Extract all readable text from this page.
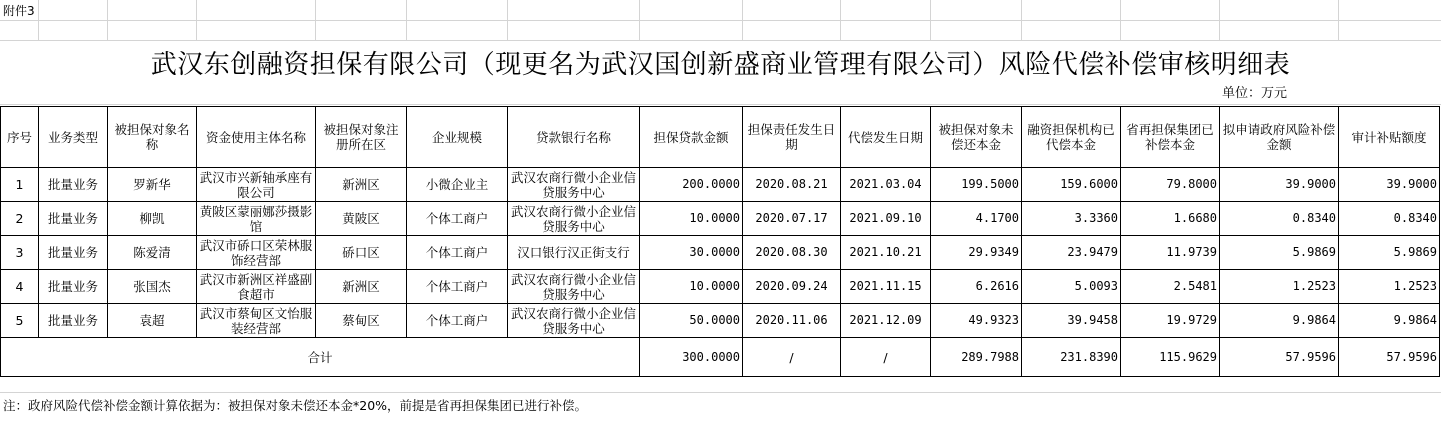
附件3
武汉东创融资担保有限公司（现更名为武汉国创新盛商业管理有限公司）风险代偿补偿审核明细表
单位：万元
序号	业务类型	被担保对象名称	资金使用主体名称	被担保对象注册所在区	企业规模	贷款银行名称	担保贷款金额	担保责任发生日期	代偿发生日期	被担保对象未偿还本金	融资担保机构已代偿本金	省再担保集团已补偿本金	拟申请政府风险补偿金额	审计补贴额度
1	批量业务	罗新华	武汉市兴新轴承座有限公司	新洲区	小微企业主	武汉农商行微小企业信贷服务中心	200.0000	2020.08.21	2021.03.04	199.5000	159.6000	79.8000	39.9000	39.9000
2	批量业务	柳凯	黄陂区蒙丽娜莎摄影馆	黄陂区	个体工商户	武汉农商行微小企业信贷服务中心	10.0000	2020.07.17	2021.09.10	4.1700	3.3360	1.6680	0.8340	0.8340
3	批量业务	陈爱清	武汉市硚口区荣林服饰经营部	硚口区	个体工商户	汉口银行汉正街支行	30.0000	2020.08.30	2021.10.21	29.9349	23.9479	11.9739	5.9869	5.9869
4	批量业务	张国杰	武汉市新洲区祥盛副食超市	新洲区	个体工商户	武汉农商行微小企业信贷服务中心	10.0000	2020.09.24	2021.11.15	6.2616	5.0093	2.5481	1.2523	1.2523
5	批量业务	袁超	武汉市蔡甸区文怡服装经营部	蔡甸区	个体工商户	武汉农商行微小企业信贷服务中心	50.0000	2020.11.06	2021.12.09	49.9323	39.9458	19.9729	9.9864	9.9864
合计							300.0000	/	/	289.7988	231.8390	115.9629	57.9596	57.9596
注：政府风险代偿补偿金额计算依据为：被担保对象未偿还本金*20%，前提是省再担保集团已进行补偿。
